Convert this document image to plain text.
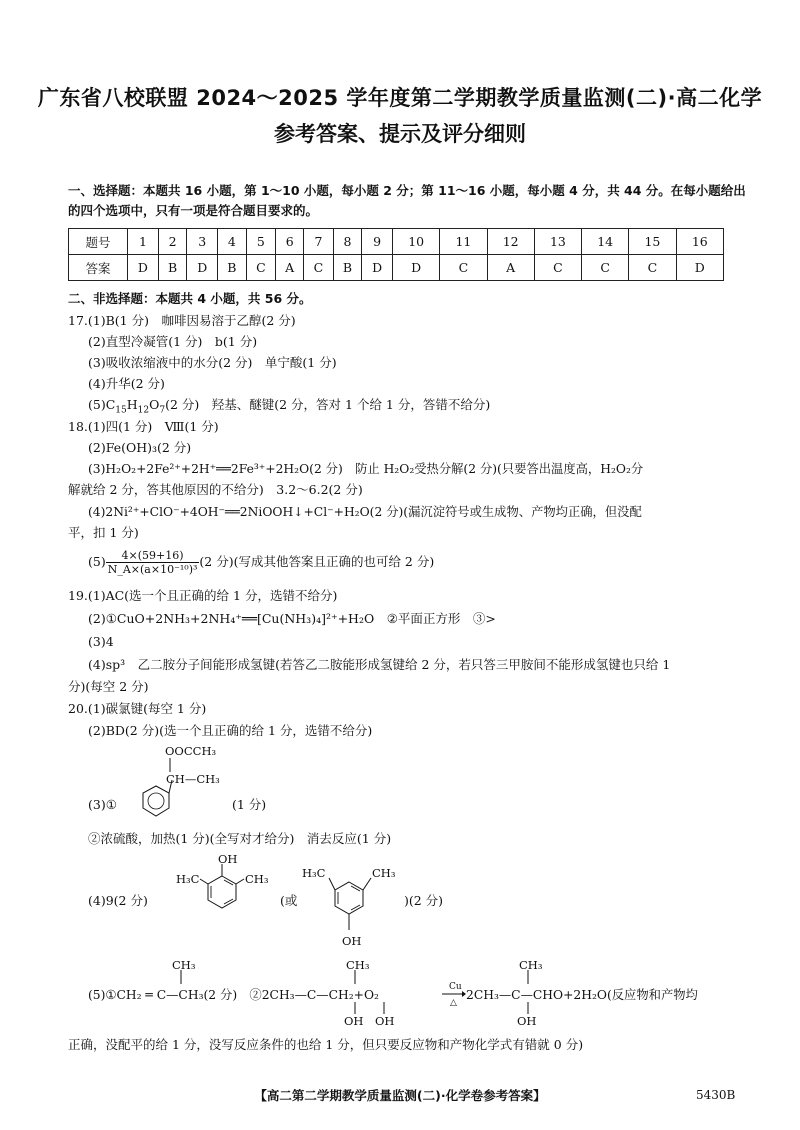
广东省八校联盟 2024～2025 学年度第二学期教学质量监测(二)·高二化学
参考答案、提示及评分细则
一、选择题：本题共 16 小题，第 1～10 小题，每小题 2 分；第 11～16 小题，每小题 4 分，共 44 分。在每小题给出
的四个选项中，只有一项是符合题目要求的。
题号	1	2	3	4	5	6	7	8	9	10	11	12	13	14	15	16
答案	D	B	D	B	C	A	C	B	D	D	C	A	C	C	C	D
二、非选择题：本题共 4 小题，共 56 分。
17.(1)B(1 分)　咖啡因易溶于乙醇(2 分)
(2)直型冷凝管(1 分)　b(1 分)
(3)吸收浓缩液中的水分(2 分)　单宁酸(1 分)
(4)升华(2 分)
$(5)C_{15}H_{12}O_7(2$ 分)　羟基、醚键(2 分，答对 1 个给 1 分，答错不给分)
18.(1)四(1 分)　Ⅷ(1 分)
(2)Fe(OH)₃(2 分)
(3)H₂O₂+2Fe²⁺+2H⁺══2Fe³⁺+2H₂O(2 分)　防止 H₂O₂受热分解(2 分)(只要答出温度高，H₂O₂分
解就给 2 分，答其他原因的不给分)　3.2～6.2(2 分)
(4)2Ni²⁺+ClO⁻+4OH⁻══2NiOOH↓+Cl⁻+H₂O(2 分)(漏沉淀符号或生成物、产物均正确，但没配
平，扣 1 分)
$(5) \frac{4\times(59+16)}{\text{N\_A×(a×10⁻¹⁰)³}} (2$ 分)(写成其他答案且正确的也可给 2 分)
19.(1)AC(选一个且正确的给 1 分，选错不给分)
(2)①CuO+2NH₃+2NH₄⁺══[Cu(NH₃)₄]²⁺+H₂O　②平面正方形　③>
(3)4
(4)sp³　乙二胺分子间能形成氢键(若答乙二胺能形成氢键给 2 分，若只答三甲胺间不能形成氢键也只给 1
分)(每空 2 分)
20.(1)碳氯键(每空 1 分)
(2)BD(2 分)(选一个且正确的给 1 分，选错不给分)
OOCCH₃
CH—CH₃
(3)①	(1 分)
②浓硫酸，加热(1 分)(全写对才给分)　消去反应(1 分)
OH
H₃C	CH₃
(4)9(2 分)	(或
H₃C	CH₃
OH
)(2 分)
CH₃	CH₃	CH₃
(5)①CH₂ ═ C—CH₃(2 分)　②2CH₃—C—CH₂+O₂
Cu
△
2CH₃—C—CHO+2H₂O(反应物和产物均
OH　OH	OH
正确，没配平的给 1 分，没写反应条件的也给 1 分，但只要反应物和产物化学式有错就 0 分)
【高二第二学期教学质量监测(二)·化学卷参考答案】	5430B
